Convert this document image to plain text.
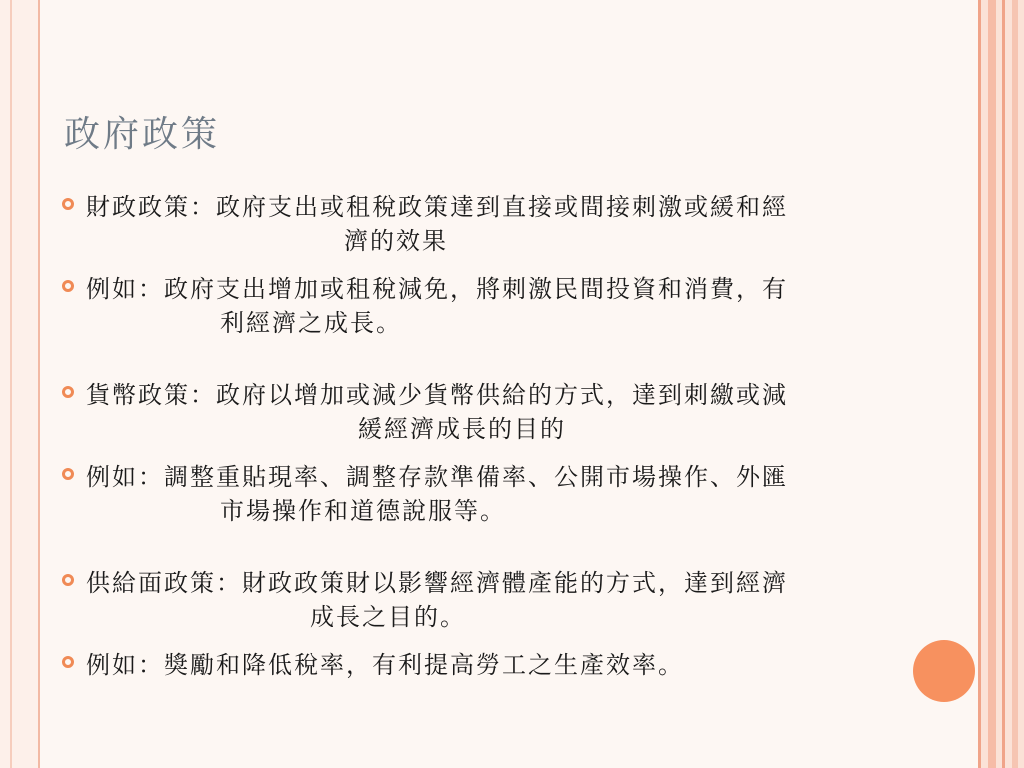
政府政策
財政政策：政府支出或租稅政策達到直接或間接刺激或緩和經
濟的效果
例如：政府支出增加或租稅減免，將刺激民間投資和消費，有
利經濟之成長。
貨幣政策：政府以增加或減少貨幣供給的方式，達到刺繳或減
緩經濟成長的目的
例如：調整重貼現率、調整存款準備率、公開市場操作、外匯
市場操作和道德說服等。
供給面政策：財政政策財以影響經濟體產能的方式，達到經濟
成長之目的。
例如：獎勵和降低稅率，有利提高勞工之生產效率。
